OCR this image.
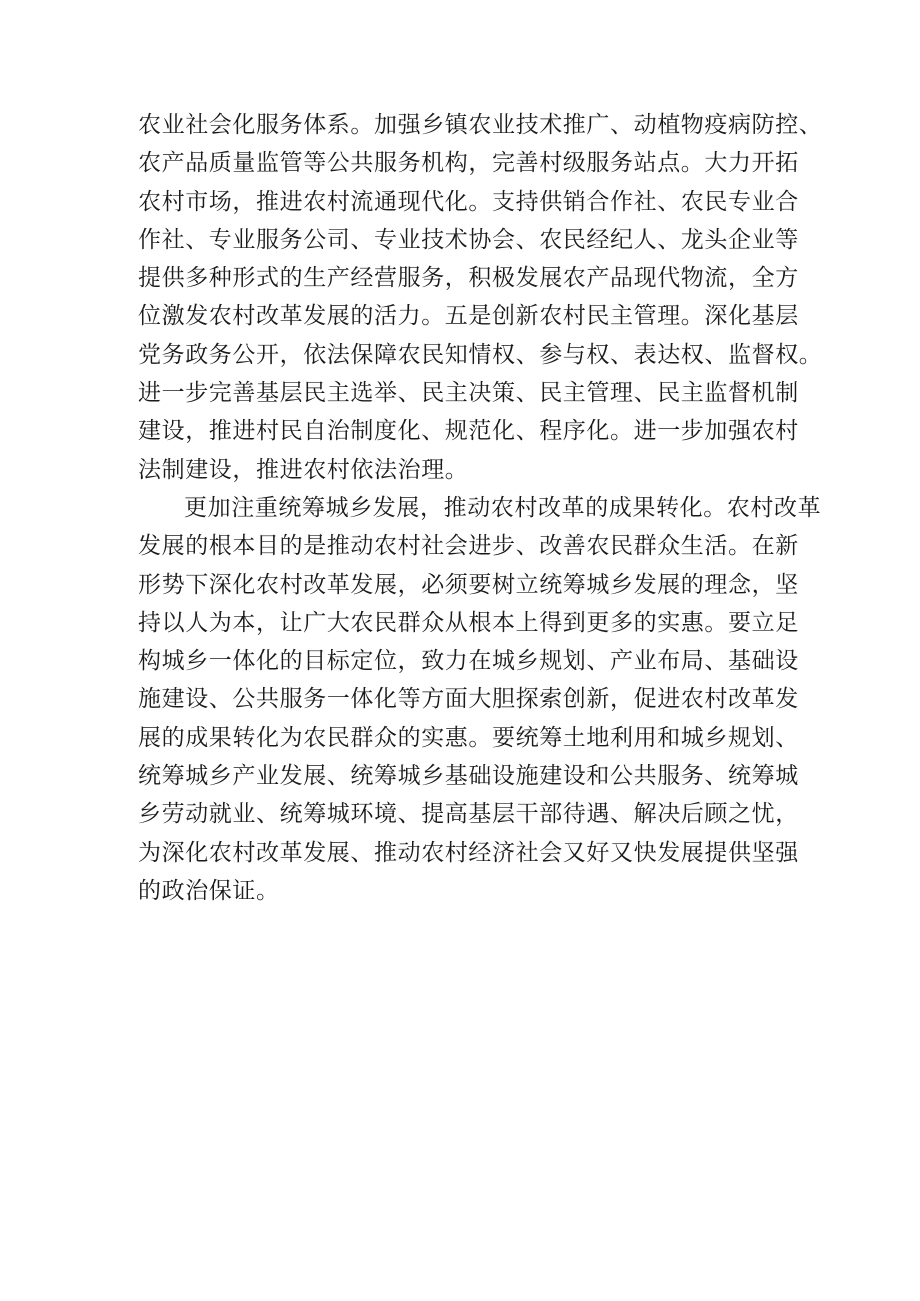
农业社会化服务体系。加强乡镇农业技术推广、动植物疫病防控、
农产品质量监管等公共服务机构，完善村级服务站点。大力开拓
农村市场，推进农村流通现代化。支持供销合作社、农民专业合
作社、专业服务公司、专业技术协会、农民经纪人、龙头企业等
提供多种形式的生产经营服务，积极发展农产品现代物流，全方
位激发农村改革发展的活力。五是创新农村民主管理。深化基层
党务政务公开，依法保障农民知情权、参与权、表达权、监督权。
进一步完善基层民主选举、民主决策、民主管理、民主监督机制
建设，推进村民自治制度化、规范化、程序化。进一步加强农村
法制建设，推进农村依法治理。
更加注重统筹城乡发展，推动农村改革的成果转化。农村改革
发展的根本目的是推动农村社会进步、改善农民群众生活。在新
形势下深化农村改革发展，必须要树立统筹城乡发展的理念，坚
持以人为本，让广大农民群众从根本上得到更多的实惠。要立足
构城乡一体化的目标定位，致力在城乡规划、产业布局、基础设
施建设、公共服务一体化等方面大胆探索创新，促进农村改革发
展的成果转化为农民群众的实惠。要统筹土地利用和城乡规划、
统筹城乡产业发展、统筹城乡基础设施建设和公共服务、统筹城
乡劳动就业、统筹城环境、提高基层干部待遇、解决后顾之忧，
为深化农村改革发展、推动农村经济社会又好又快发展提供坚强
的政治保证。
